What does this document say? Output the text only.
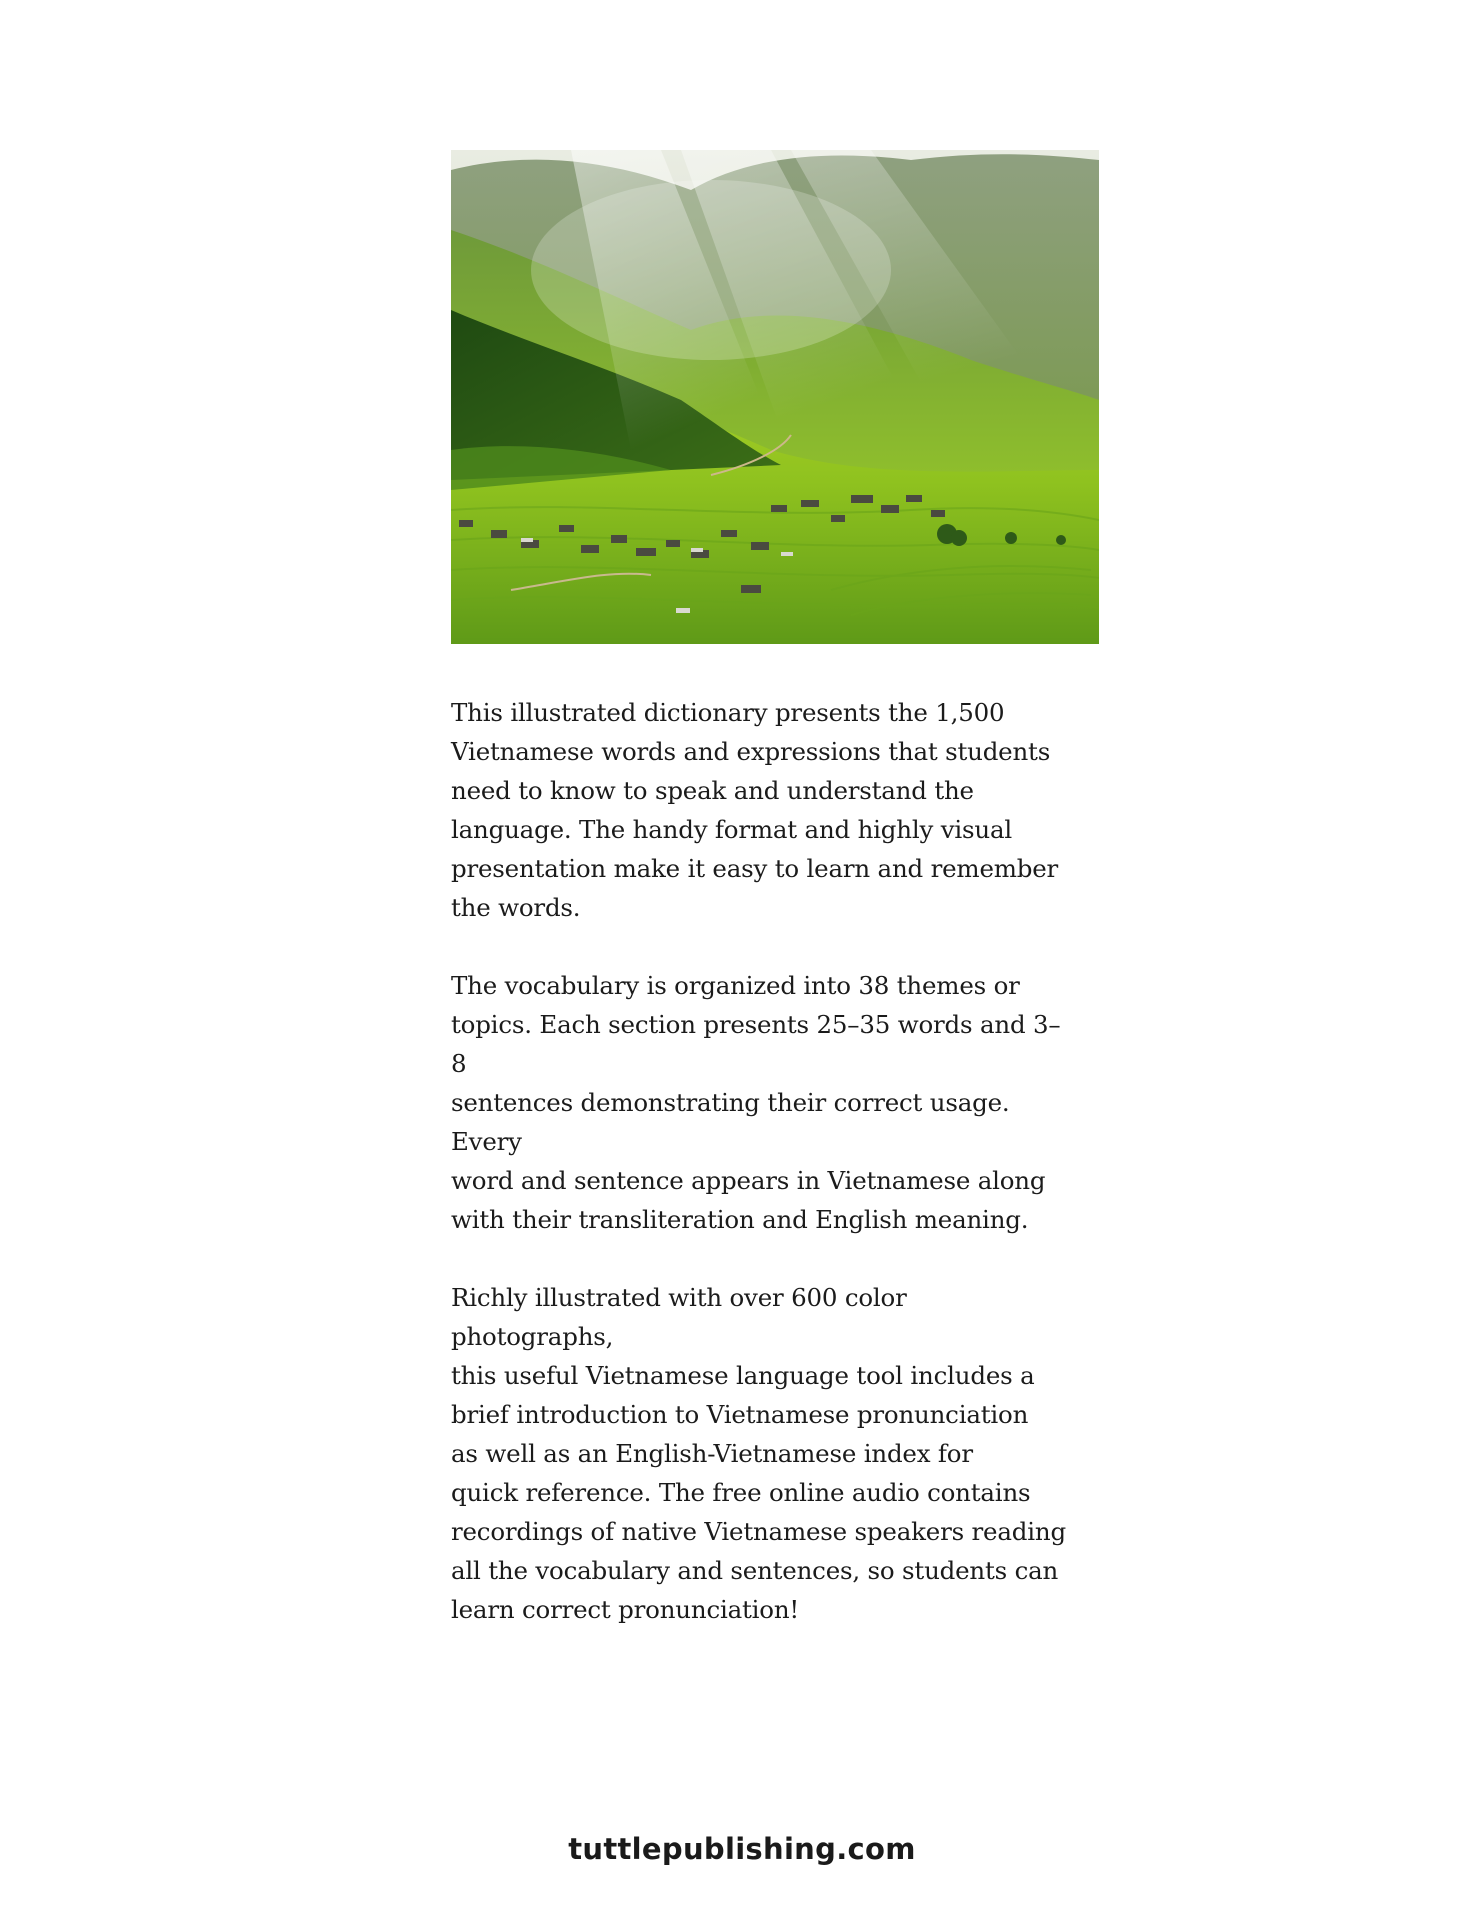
This illustrated dictionary presents the 1,500
Vietnamese words and expressions that students
need to know to speak and understand the
language. The handy format and highly visual
presentation make it easy to learn and remember
the words.

The vocabulary is organized into 38 themes or
topics. Each section presents 25–35 words and 3–8
sentences demonstrating their correct usage. Every
word and sentence appears in Vietnamese along
with their transliteration and English meaning.

Richly illustrated with over 600 color photographs,
this useful Vietnamese language tool includes a
brief introduction to Vietnamese pronunciation
as well as an English-Vietnamese index for
quick reference. The free online audio contains
recordings of native Vietnamese speakers reading
all the vocabulary and sentences, so students can
learn correct pronunciation!

tuttlepublishing.com
